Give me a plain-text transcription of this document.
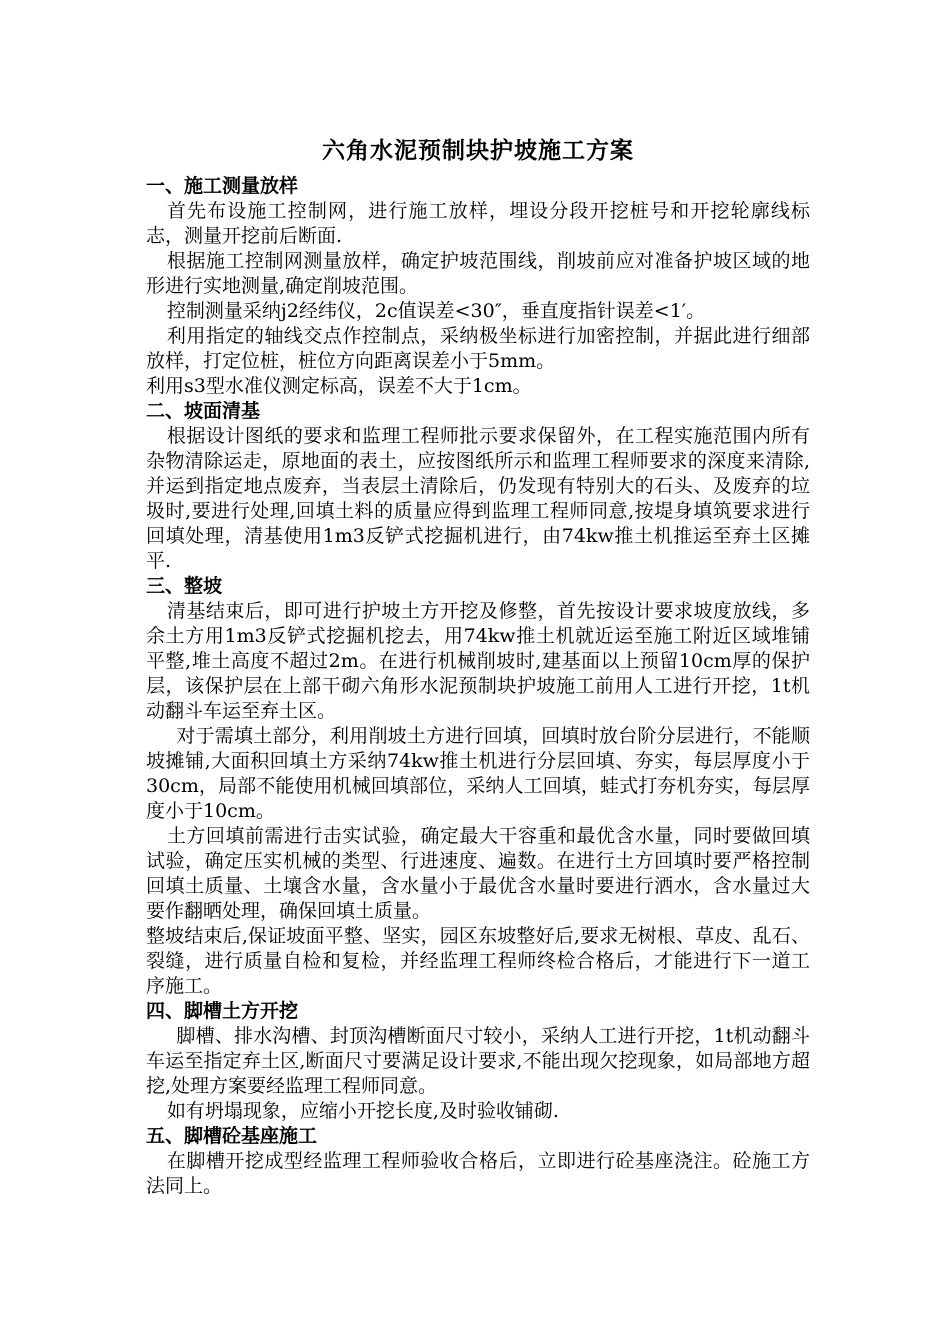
六角水泥预制块护坡施工方案

一、施工测量放样

首先布设施工控制网，进行施工放样，埋设分段开挖桩号和开挖轮廓线标志，测量开挖前后断面.

根据施工控制网测量放样，确定护坡范围线，削坡前应对准备护坡区域的地形进行实地测量,确定削坡范围。

控制测量采纳j2经纬仪，2c值误差<30″，垂直度指针误差<1′。

利用指定的轴线交点作控制点，采纳极坐标进行加密控制，并据此进行细部放样，打定位桩，桩位方向距离误差小于5mm。

利用s3型水准仪测定标高，误差不大于1cm。

二、坡面清基

根据设计图纸的要求和监理工程师批示要求保留外，在工程实施范围内所有杂物清除运走，原地面的表土，应按图纸所示和监理工程师要求的深度来清除,并运到指定地点废弃，当表层土清除后，仍发现有特别大的石头、及废弃的垃圾时,要进行处理,回填土料的质量应得到监理工程师同意,按堤身填筑要求进行回填处理，清基使用1m3反铲式挖掘机进行，由74kw推土机推运至弃土区摊平.

三、整坡

清基结束后，即可进行护坡土方开挖及修整，首先按设计要求坡度放线，多余土方用1m3反铲式挖掘机挖去，用74kw推土机就近运至施工附近区域堆铺平整,堆土高度不超过2m。在进行机械削坡时,建基面以上预留10cm厚的保护层，该保护层在上部干砌六角形水泥预制块护坡施工前用人工进行开挖，1t机动翻斗车运至弃土区。

对于需填土部分，利用削坡土方进行回填，回填时放台阶分层进行，不能顺坡摊铺,大面积回填土方采纳74kw推土机进行分层回填、夯实，每层厚度小于30cm，局部不能使用机械回填部位，采纳人工回填，蛙式打夯机夯实，每层厚度小于10cm。

土方回填前需进行击实试验，确定最大干容重和最优含水量，同时要做回填试验，确定压实机械的类型、行进速度、遍数。在进行土方回填时要严格控制回填土质量、土壤含水量，含水量小于最优含水量时要进行洒水，含水量过大要作翻晒处理，确保回填土质量。

整坡结束后,保证坡面平整、坚实，园区东坡整好后,要求无树根、草皮、乱石、裂缝，进行质量自检和复检，并经监理工程师终检合格后，才能进行下一道工序施工。

四、脚槽土方开挖

脚槽、排水沟槽、封顶沟槽断面尺寸较小，采纳人工进行开挖，1t机动翻斗车运至指定弃土区,断面尺寸要满足设计要求,不能出现欠挖现象，如局部地方超挖,处理方案要经监理工程师同意。

如有坍塌现象，应缩小开挖长度,及时验收铺砌.

五、脚槽砼基座施工

在脚槽开挖成型经监理工程师验收合格后，立即进行砼基座浇注。砼施工方法同上。
